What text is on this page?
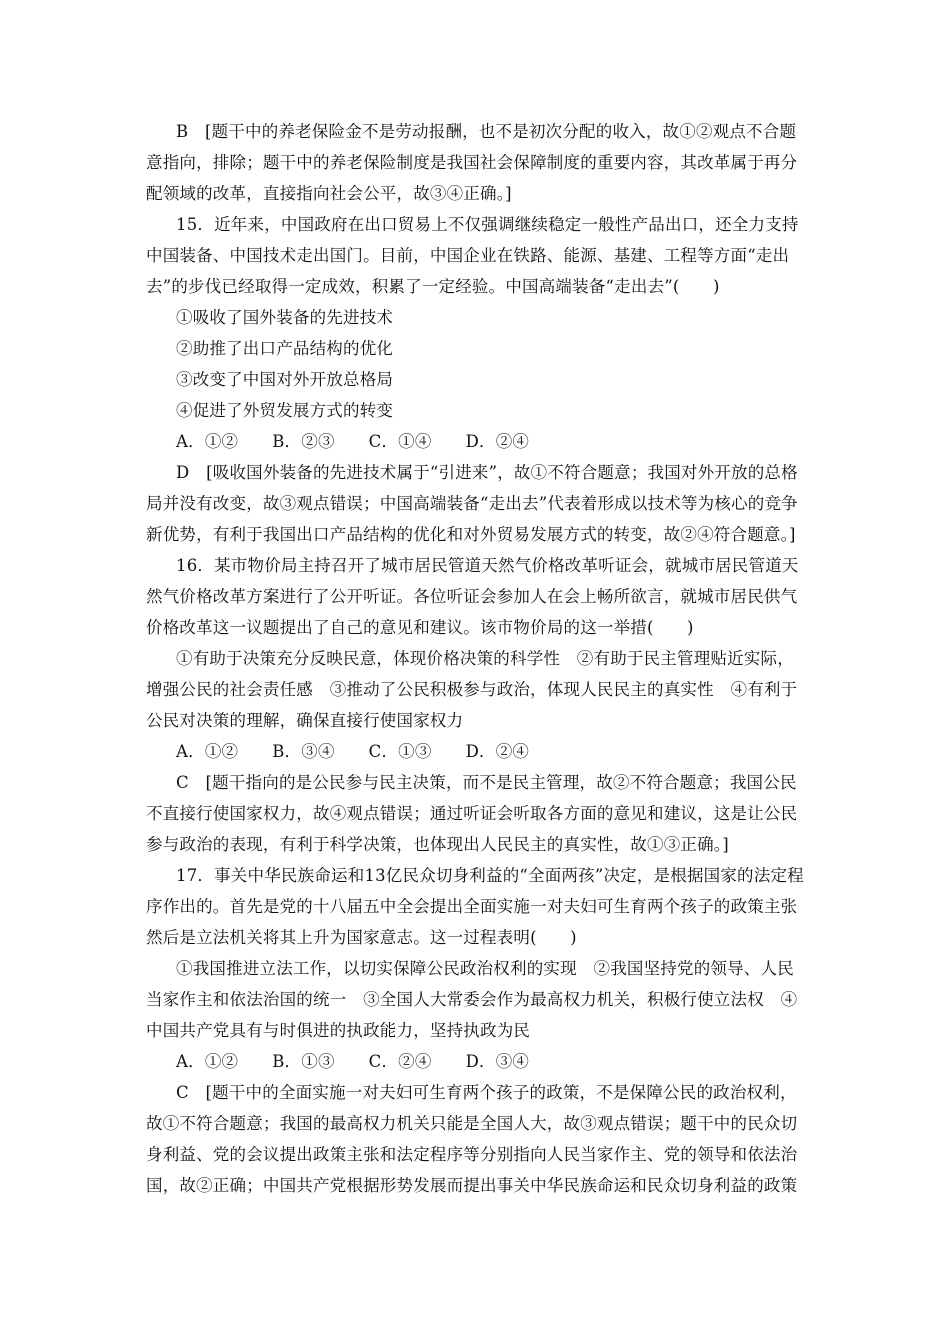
B　[题干中的养老保险金不是劳动报酬，也不是初次分配的收入，故①②观点不合题
意指向，排除；题干中的养老保险制度是我国社会保障制度的重要内容，其改革属于再分
配领域的改革，直接指向社会公平，故③④正确。]
15．近年来，中国政府在出口贸易上不仅强调继续稳定一般性产品出口，还全力支持
中国装备、中国技术走出国门。目前，中国企业在铁路、能源、基建、工程等方面“走出
去”的步伐已经取得一定成效，积累了一定经验。中国高端装备“走出去”(　　)
①吸收了国外装备的先进技术
②助推了出口产品结构的优化
③改变了中国对外开放总格局
④促进了外贸发展方式的转变
A．①② B．②③ C．①④ D．②④
D　[吸收国外装备的先进技术属于“引进来”，故①不符合题意；我国对外开放的总格
局并没有改变，故③观点错误；中国高端装备“走出去”代表着形成以技术等为核心的竞争
新优势，有利于我国出口产品结构的优化和对外贸易发展方式的转变，故②④符合题意。]
16．某市物价局主持召开了城市居民管道天然气价格改革听证会，就城市居民管道天
然气价格改革方案进行了公开听证。各位听证会参加人在会上畅所欲言，就城市居民供气
价格改革这一议题提出了自己的意见和建议。该市物价局的这一举措(　　)
①有助于决策充分反映民意，体现价格决策的科学性　②有助于民主管理贴近实际，
增强公民的社会责任感　③推动了公民积极参与政治，体现人民民主的真实性　④有利于
公民对决策的理解，确保直接行使国家权力
A．①② B．③④ C．①③ D．②④
C　[题干指向的是公民参与民主决策，而不是民主管理，故②不符合题意；我国公民
不直接行使国家权力，故④观点错误；通过听证会听取各方面的意见和建议，这是让公民
参与政治的表现，有利于科学决策，也体现出人民民主的真实性，故①③正确。]
17．事关中华民族命运和13亿民众切身利益的“全面两孩”决定，是根据国家的法定程
序作出的。首先是党的十八届五中全会提出全面实施一对夫妇可生育两个孩子的政策主张
然后是立法机关将其上升为国家意志。这一过程表明(　　)
①我国推进立法工作，以切实保障公民政治权利的实现　②我国坚持党的领导、人民
当家作主和依法治国的统一　③全国人大常委会作为最高权力机关，积极行使立法权　④
中国共产党具有与时俱进的执政能力，坚持执政为民
A．①② B．①③ C．②④ D．③④
C　[题干中的全面实施一对夫妇可生育两个孩子的政策，不是保障公民的政治权利，
故①不符合题意；我国的最高权力机关只能是全国人大，故③观点错误；题干中的民众切
身利益、党的会议提出政策主张和法定程序等分别指向人民当家作主、党的领导和依法治
国，故②正确；中国共产党根据形势发展而提出事关中华民族命运和民众切身利益的政策
